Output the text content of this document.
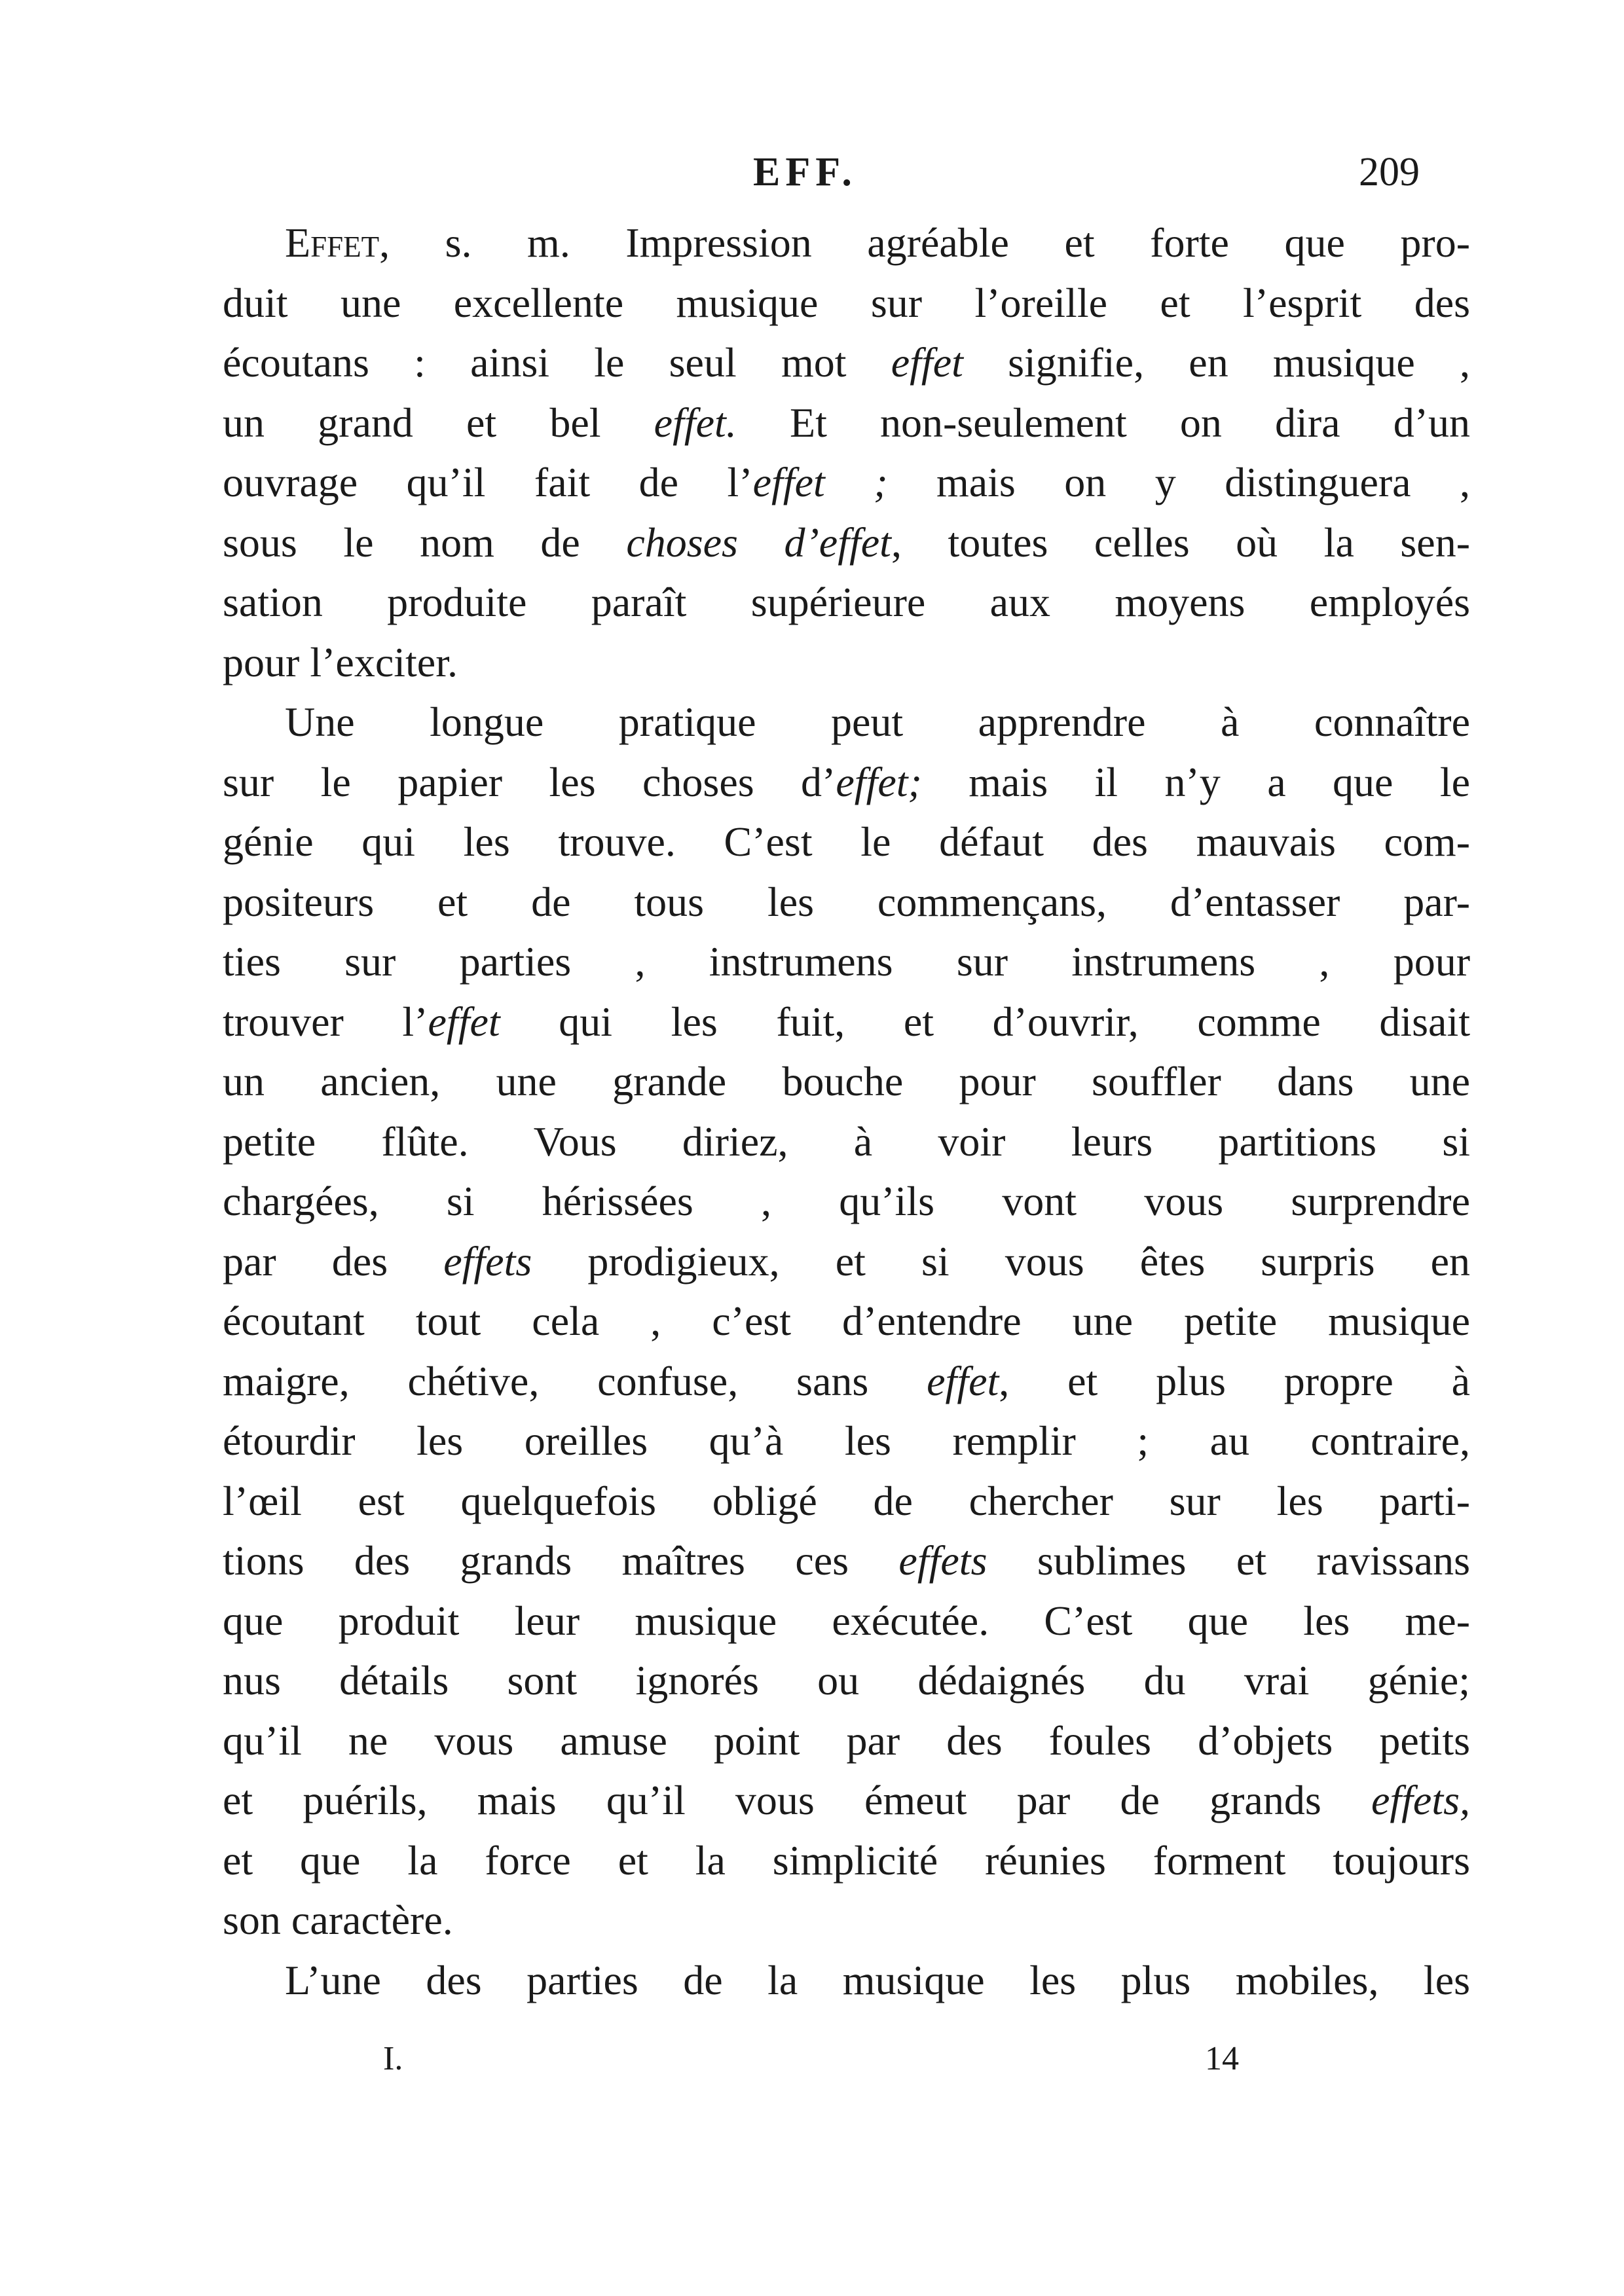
EFF.	209
Effet, s. m. Impression agréable et forte que pro-
duit une excellente musique sur l’oreille et l’esprit des
écoutans : ainsi le seul mot effet signifie, en musique ,
un grand et bel effet. Et non-seulement on dira d’un
ouvrage qu’il fait de l’effet ; mais on y distinguera ,
sous le nom de choses d’effet, toutes celles où la sen-
sation produite paraît supérieure aux moyens employés
pour l’exciter.
Une longue pratique peut apprendre à connaître
sur le papier les choses d’effet; mais il n’y a que le
génie qui les trouve. C’est le défaut des mauvais com-
positeurs et de tous les commençans, d’entasser par-
ties sur parties , instrumens sur instrumens , pour
trouver l’effet qui les fuit, et d’ouvrir, comme disait
un ancien, une grande bouche pour souffler dans une
petite flûte. Vous diriez, à voir leurs partitions si
chargées, si hérissées , qu’ils vont vous surprendre
par des effets prodigieux, et si vous êtes surpris en
écoutant tout cela , c’est d’entendre une petite musique
maigre, chétive, confuse, sans effet, et plus propre à
étourdir les oreilles qu’à les remplir ; au contraire,
l’œil est quelquefois obligé de chercher sur les parti-
tions des grands maîtres ces effets sublimes et ravissans
que produit leur musique exécutée. C’est que les me-
nus détails sont ignorés ou dédaignés du vrai génie;
qu’il ne vous amuse point par des foules d’objets petits
et puérils, mais qu’il vous émeut par de grands effets,
et que la force et la simplicité réunies forment toujours
son caractère.
L’une des parties de la musique les plus mobiles, les
I.	14
